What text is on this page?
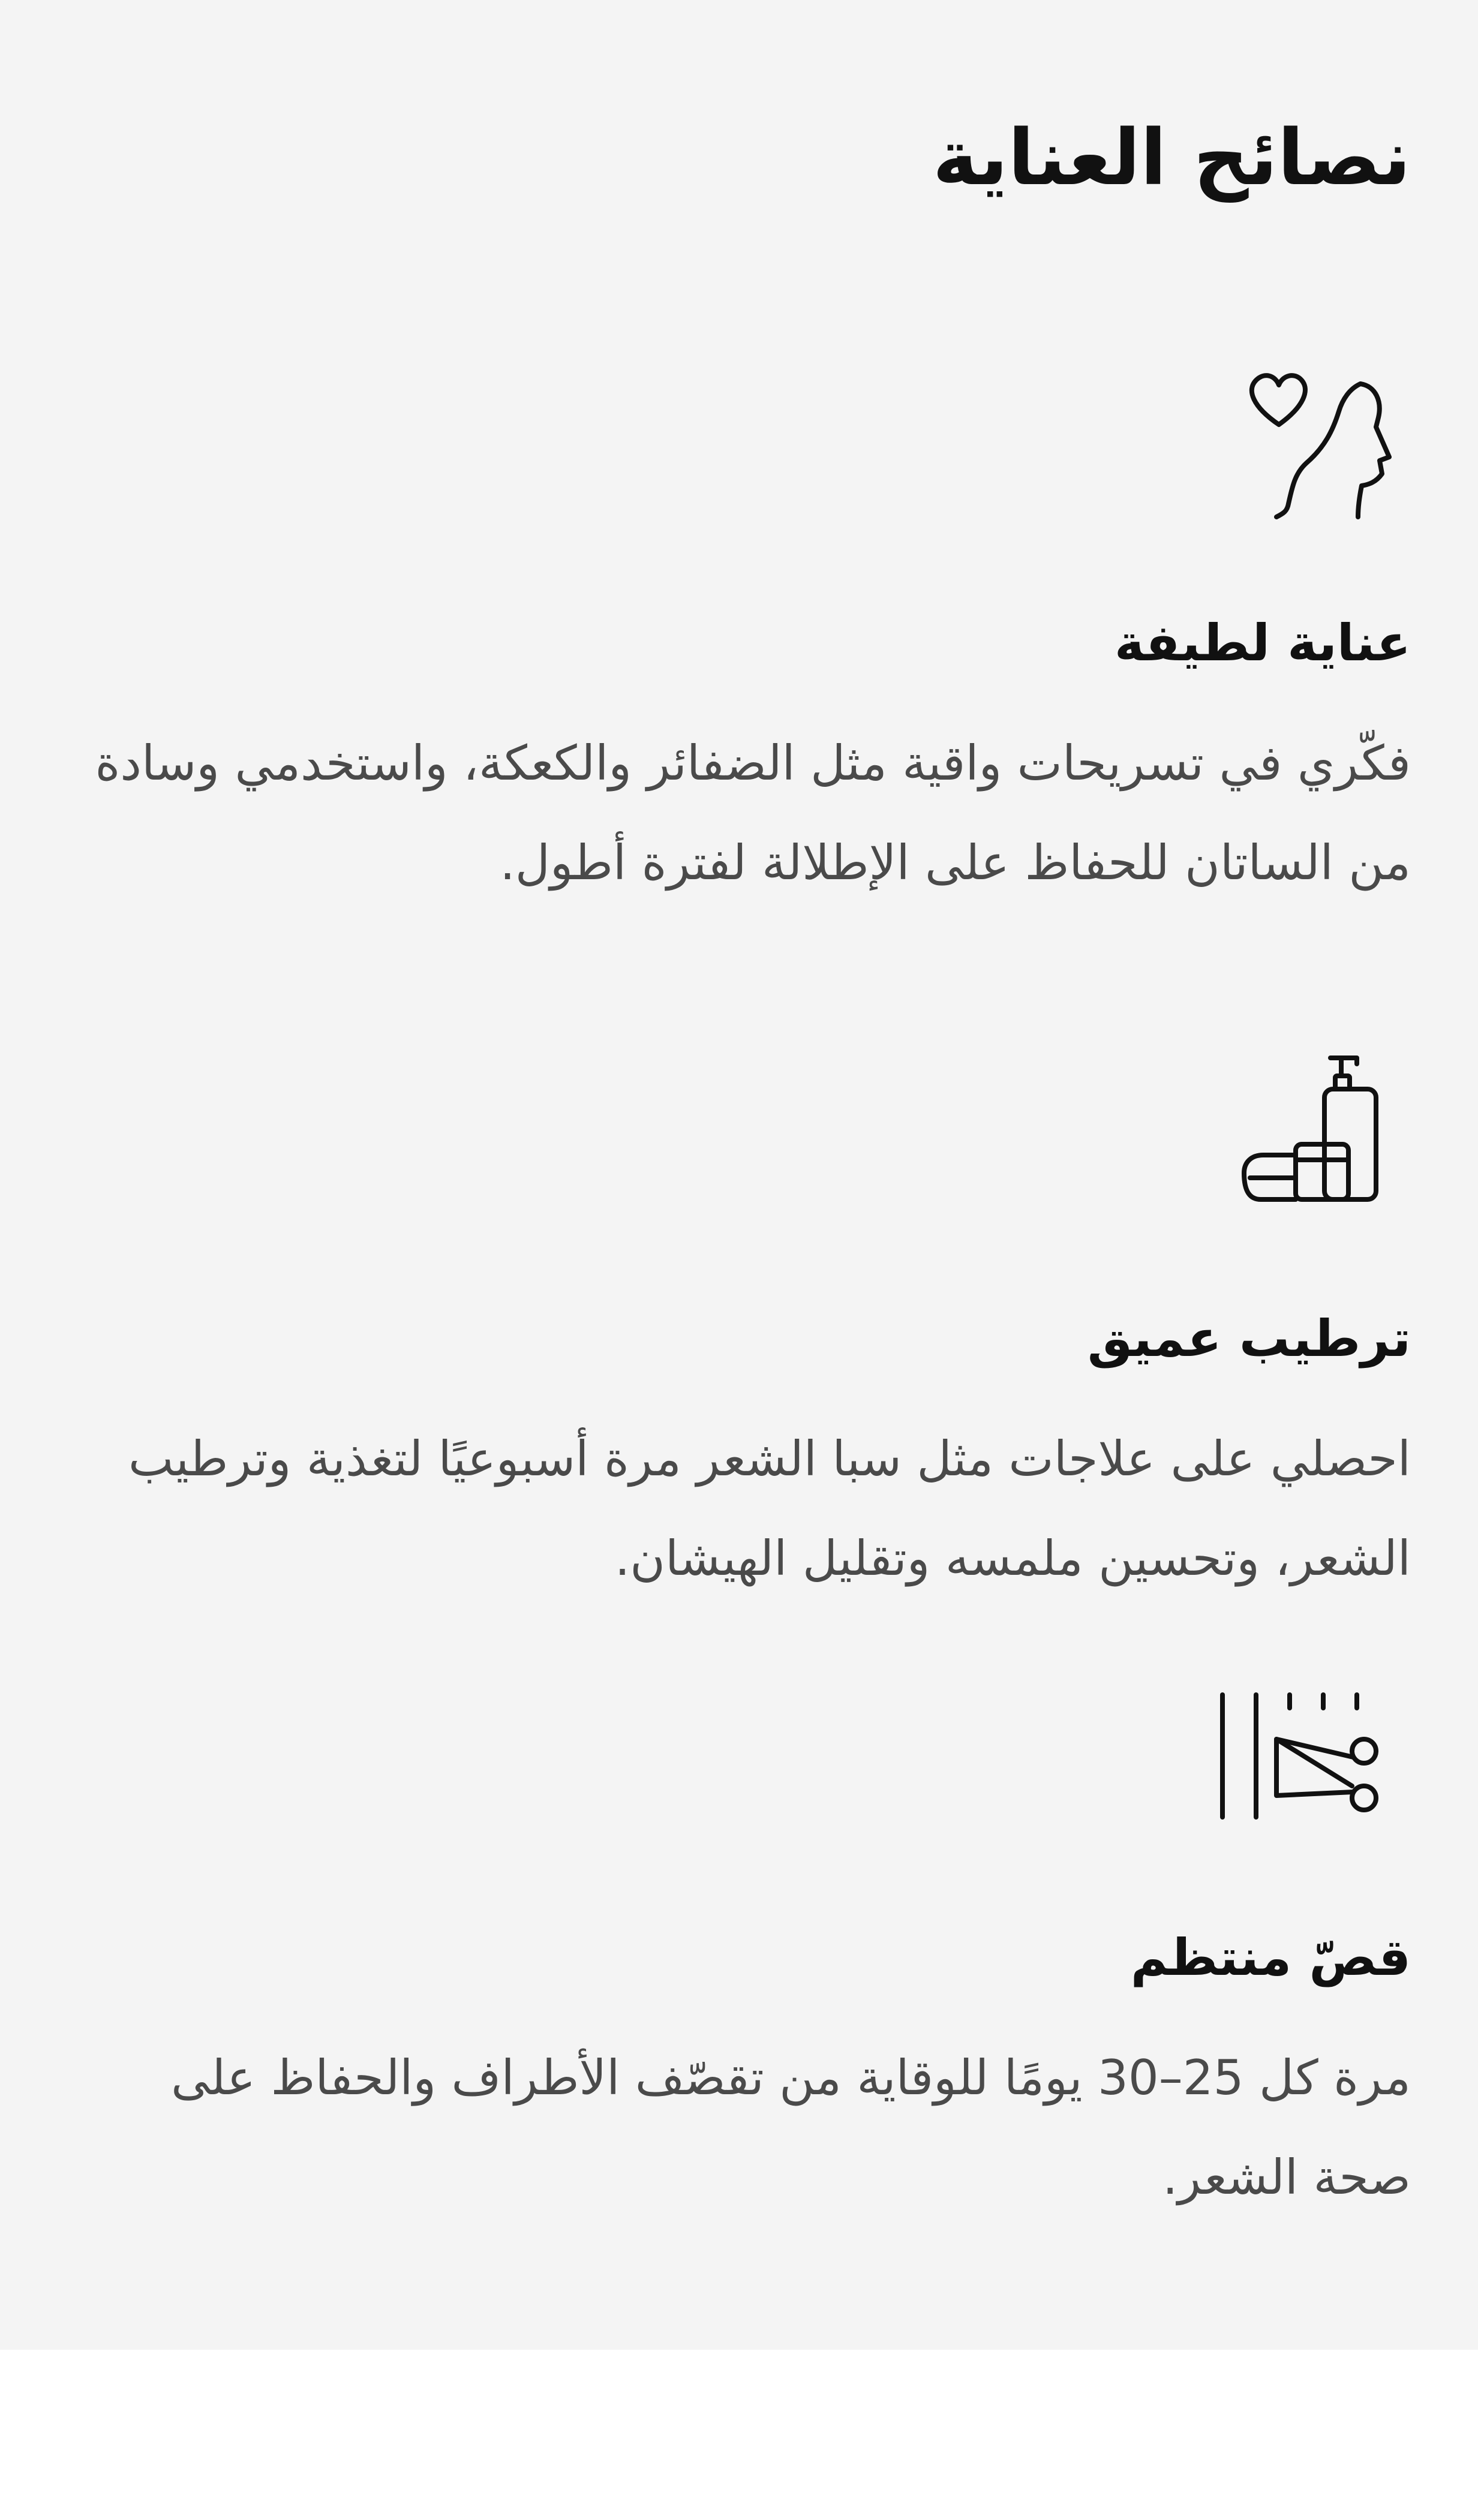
نصائح العناية
عناية لطيفة

فكّري في تسريحات واقية مثل الضفائر والكعكة، واستخدمي وسادة من الساتان للحفاظ على الإطلالة لفترة أطول.

ترطيب عميق

احصلي على علاجات مثل سبا الشعر مرة أسبوعيًا لتغذية وترطيب الشعر، وتحسين ملمسه وتقليل الهيشان.

قصّ منتظم

مرة كل 25–30 يومًا للوقاية من تقصّف الأطراف والحفاظ على صحة الشعر.
